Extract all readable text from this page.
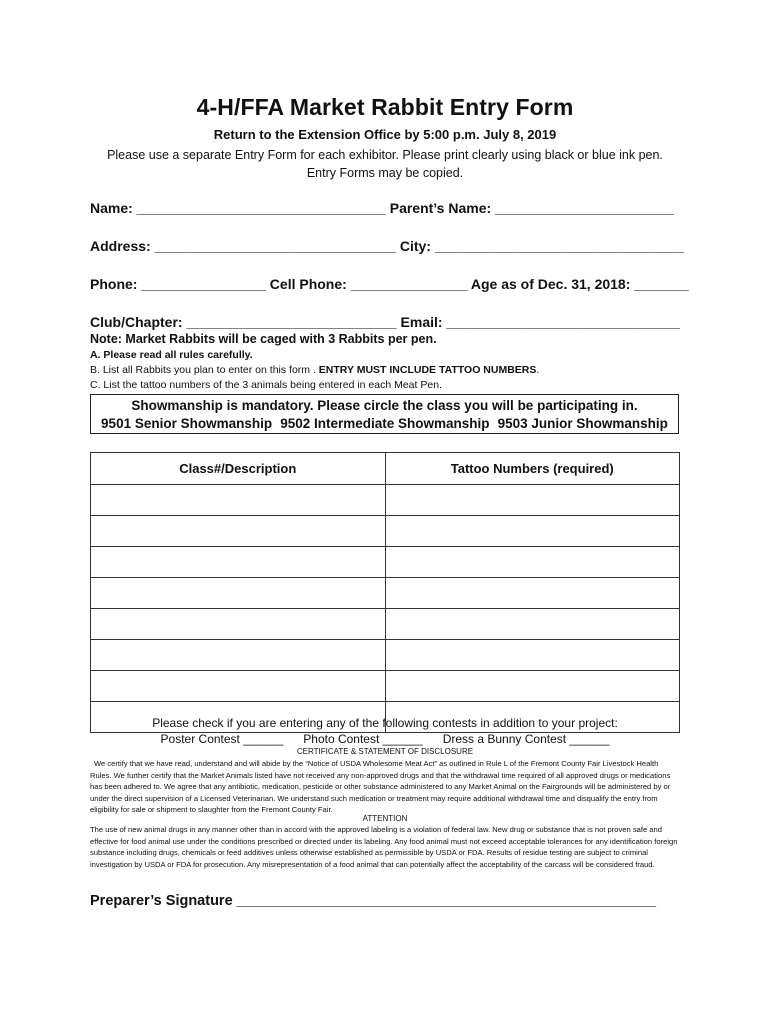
4-H/FFA Market Rabbit Entry Form
Return to the Extension Office by 5:00 p.m. July 8, 2019
Please use a separate Entry Form for each exhibitor. Please print clearly using black or blue ink pen. Entry Forms may be copied.
Name: ________________________________ Parent’s Name: _______________________
Address: _______________________________ City: ________________________________
Phone: ________________ Cell Phone: _______________ Age as of Dec. 31, 2018: _______
Club/Chapter: ___________________________ Email: ______________________________
Note: Market Rabbits will be caged with 3 Rabbits per pen.
A. Please read all rules carefully.
B. List all Rabbits you plan to enter on this form . ENTRY MUST INCLUDE TATTOO NUMBERS.
C. List the tattoo numbers of the 3 animals being entered in each Meat Pen.
Showmanship is mandatory. Please circle the class you will be participating in.
9501 Senior Showmanship 9502 Intermediate Showmanship 9503 Junior Showmanship
Class#/Description	Tattoo Numbers (required)

Please check if you are entering any of the following contests in addition to your project:
Poster Contest ______      Photo Contest ______      Dress a Bunny Contest ______
CERTIFICATE & STATEMENT OF DISCLOSURE
We certify that we have read, understand and will abide by the “Notice of USDA Wholesome Meat Act” as outlined in Rule L of the Fremont County Fair Livestock Health Rules. We further certify that the Market Animals listed have not received any non-approved drugs and that the withdrawal time required of all approved drugs or medications has been adhered to. We agree that any antibiotic, medication, pesticide or other substance administered to any Market Animal on the Fairgrounds will be administered by or under the direct supervision of a Licensed Veterinarian. We understand such medication or treatment may require additional withdrawal time and disqualify the entry from eligibility for sale or shipment to slaughter from the Fremont County Fair.
ATTENTION
The use of new animal drugs in any manner other than in accord with the approved labeling is a violation of federal law. New drug or substance that is not proven safe and effective for food animal use under the conditions prescribed or directed under its labeling. Any food animal must not exceed acceptable tolerances for any identification foreign substance including drugs, chemicals or feed additives unless otherwise established as permissible by USDA or FDA. Results of residue testing are subject to criminal investigation by USDA or FDA for prosecution. Any misrepresentation of a food animal that can potentially affect the acceptability of the carcass will be considered fraud.
Preparer’s Signature ____________________________________________________
